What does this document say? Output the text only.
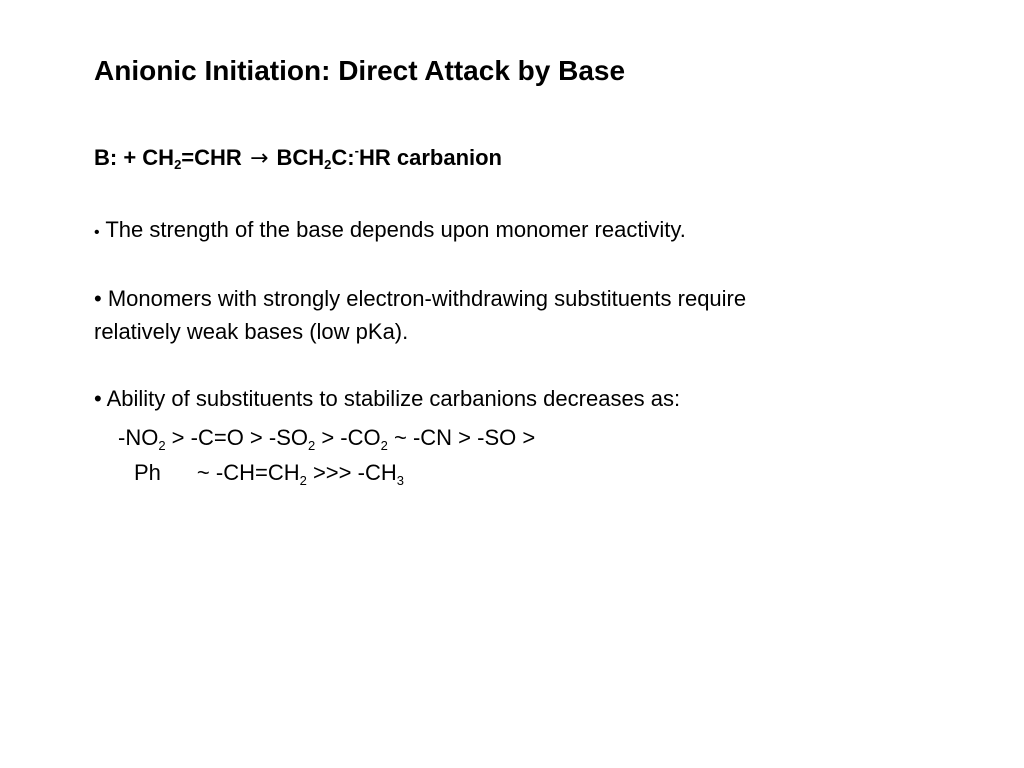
Anionic Initiation: Direct Attack by Base
B: + $CH_2=CHR$ → $BCH_2C:^-HR$ carbanion
• The strength of the base depends upon monomer reactivity.
• Monomers with strongly electron-withdrawing substituents require
relatively weak bases (low pKa).
• Ability of substituents to stabilize carbanions decreases as:
$-NO_2 > -C=O > -SO_2 > -CO_2$ ~ -CN > -SO >
Ph ~ $-CH=CH_2$ >>> $-CH_3$
